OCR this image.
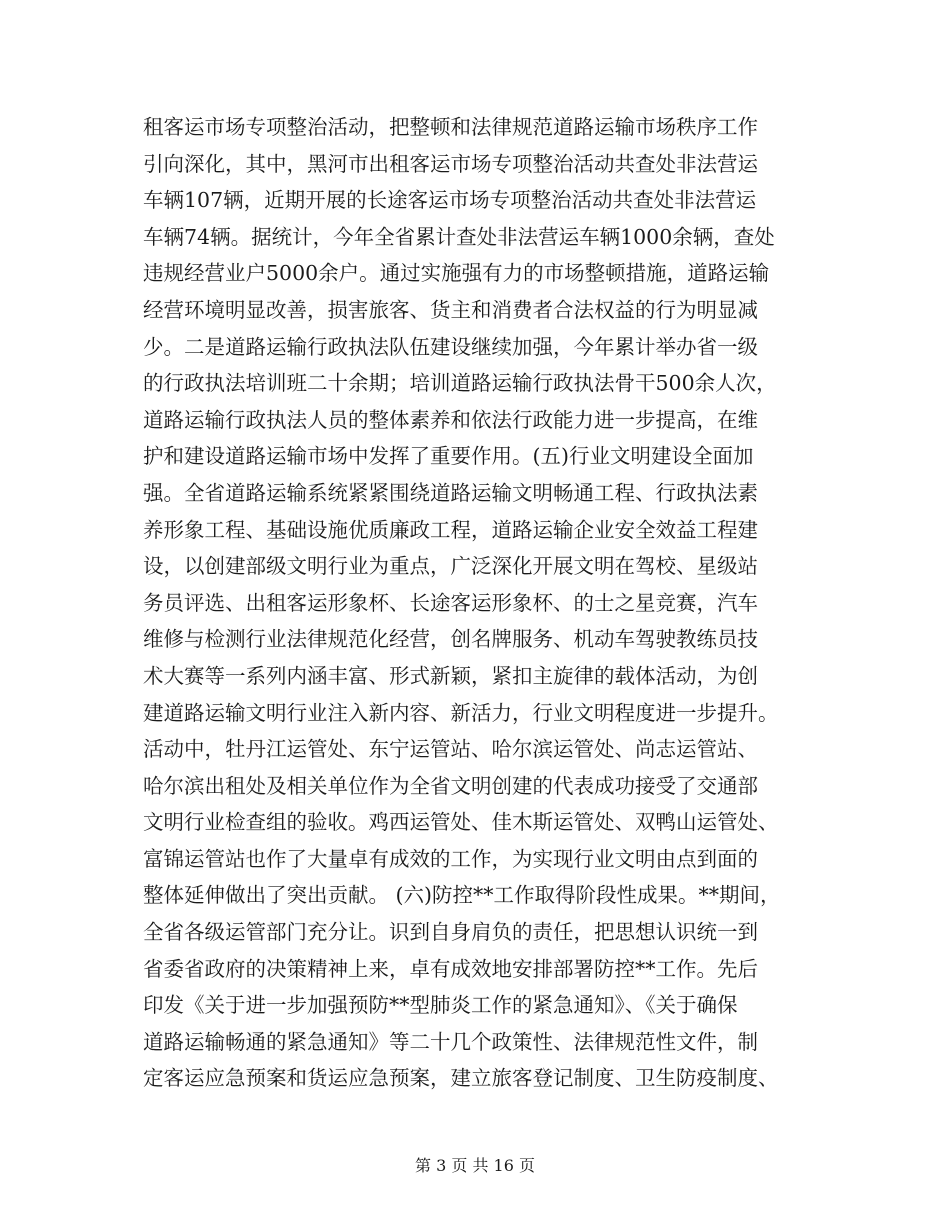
租客运市场专项整治活动，把整顿和法律规范道路运输市场秩序工作
引向深化，其中，黑河市出租客运市场专项整治活动共查处非法营运
车辆107辆，近期开展的长途客运市场专项整治活动共查处非法营运
车辆74辆。据统计，今年全省累计查处非法营运车辆1000余辆，查处
违规经营业户5000余户。通过实施强有力的市场整顿措施，道路运输
经营环境明显改善，损害旅客、货主和消费者合法权益的行为明显减
少。二是道路运输行政执法队伍建设继续加强，今年累计举办省一级
的行政执法培训班二十余期；培训道路运输行政执法骨干500余人次，
道路运输行政执法人员的整体素养和依法行政能力进一步提高，在维
护和建设道路运输市场中发挥了重要作用。(五)行业文明建设全面加
强。全省道路运输系统紧紧围绕道路运输文明畅通工程、行政执法素
养形象工程、基础设施优质廉政工程，道路运输企业安全效益工程建
设，以创建部级文明行业为重点，广泛深化开展文明在驾校、星级站
务员评选、出租客运形象杯、长途客运形象杯、的士之星竞赛，汽车
维修与检测行业法律规范化经营，创名牌服务、机动车驾驶教练员技
术大赛等一系列内涵丰富、形式新颖，紧扣主旋律的载体活动，为创
建道路运输文明行业注入新内容、新活力，行业文明程度进一步提升。
活动中，牡丹江运管处、东宁运管站、哈尔滨运管处、尚志运管站、
哈尔滨出租处及相关单位作为全省文明创建的代表成功接受了交通部
文明行业检查组的验收。鸡西运管处、佳木斯运管处、双鸭山运管处、
富锦运管站也作了大量卓有成效的工作，为实现行业文明由点到面的
整体延伸做出了突出贡献。 (六)防控**工作取得阶段性成果。**期间，
全省各级运管部门充分让。识到自身肩负的责任，把思想认识统一到
省委省政府的决策精神上来，卓有成效地安排部署防控**工作。先后
印发《关于进一步加强预防**型肺炎工作的紧急通知》、《关于确保
道路运输畅通的紧急通知》等二十几个政策性、法律规范性文件，制
定客运应急预案和货运应急预案，建立旅客登记制度、卫生防疫制度、
第 3 页 共 16 页
